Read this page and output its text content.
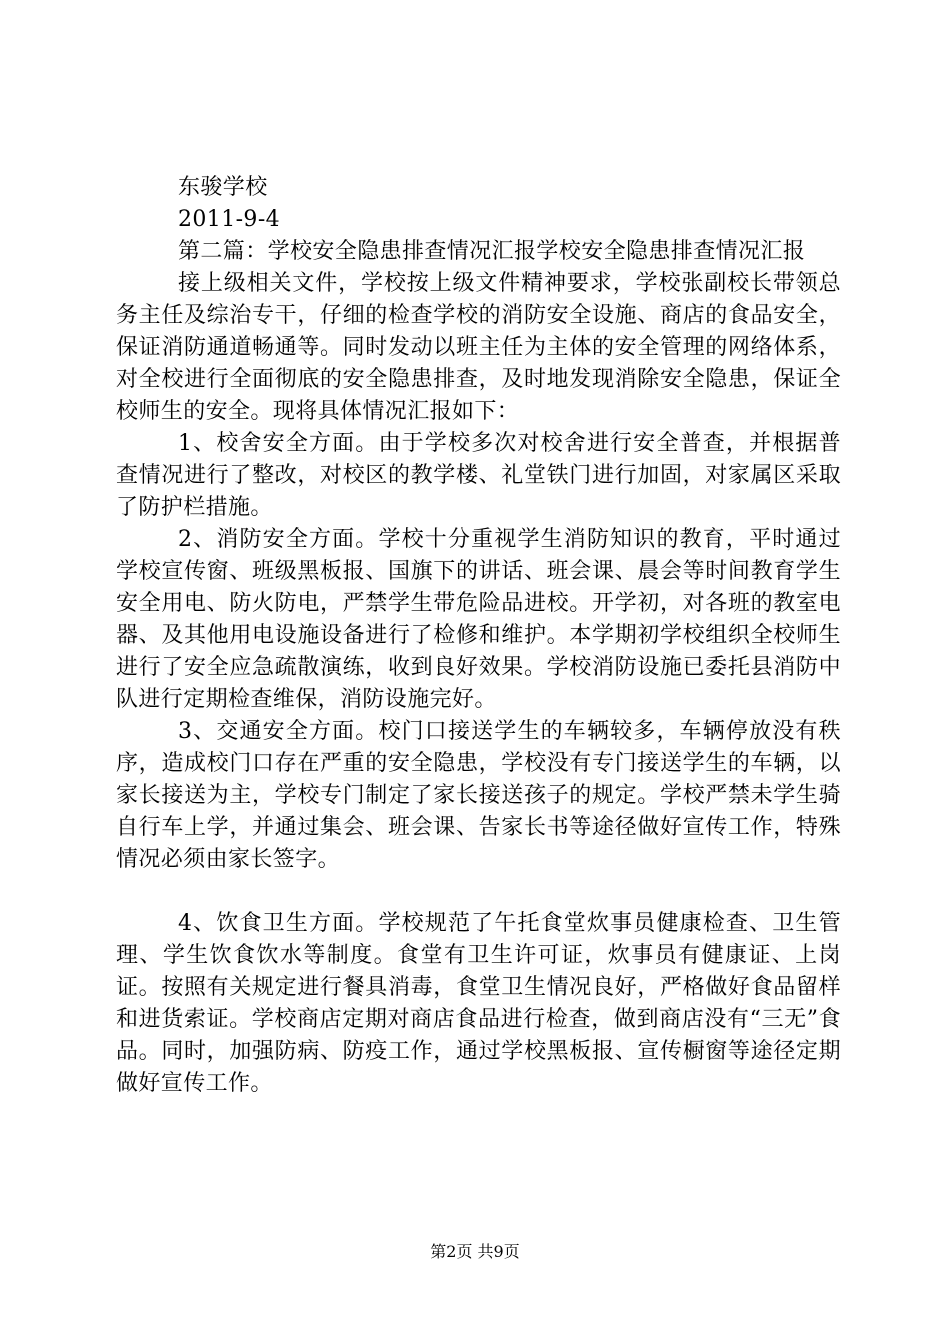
东骏学校

2011-9-4

第二篇：学校安全隐患排查情况汇报学校安全隐患排查情况汇报

接上级相关文件，学校按上级文件精神要求，学校张副校长带领总务主任及综治专干，仔细的检查学校的消防安全设施、商店的食品安全，保证消防通道畅通等。同时发动以班主任为主体的安全管理的网络体系，对全校进行全面彻底的安全隐患排查，及时地发现消除安全隐患，保证全校师生的安全。现将具体情况汇报如下：

1、校舍安全方面。由于学校多次对校舍进行安全普查，并根据普查情况进行了整改，对校区的教学楼、礼堂铁门进行加固，对家属区采取了防护栏措施。

2、消防安全方面。学校十分重视学生消防知识的教育，平时通过学校宣传窗、班级黑板报、国旗下的讲话、班会课、晨会等时间教育学生安全用电、防火防电，严禁学生带危险品进校。开学初，对各班的教室电器、及其他用电设施设备进行了检修和维护。本学期初学校组织全校师生进行了安全应急疏散演练，收到良好效果。学校消防设施已委托县消防中队进行定期检查维保，消防设施完好。

3、交通安全方面。校门口接送学生的车辆较多，车辆停放没有秩序，造成校门口存在严重的安全隐患，学校没有专门接送学生的车辆，以家长接送为主，学校专门制定了家长接送孩子的规定。学校严禁未学生骑自行车上学，并通过集会、班会课、告家长书等途径做好宣传工作，特殊情况必须由家长签字。

4、饮食卫生方面。学校规范了午托食堂炊事员健康检查、卫生管理、学生饮食饮水等制度。食堂有卫生许可证，炊事员有健康证、上岗证。按照有关规定进行餐具消毒，食堂卫生情况良好，严格做好食品留样和进货索证。学校商店定期对商店食品进行检查，做到商店没有“三无”食品。同时，加强防病、防疫工作，通过学校黑板报、宣传橱窗等途径定期做好宣传工作。

第2页 共9页
